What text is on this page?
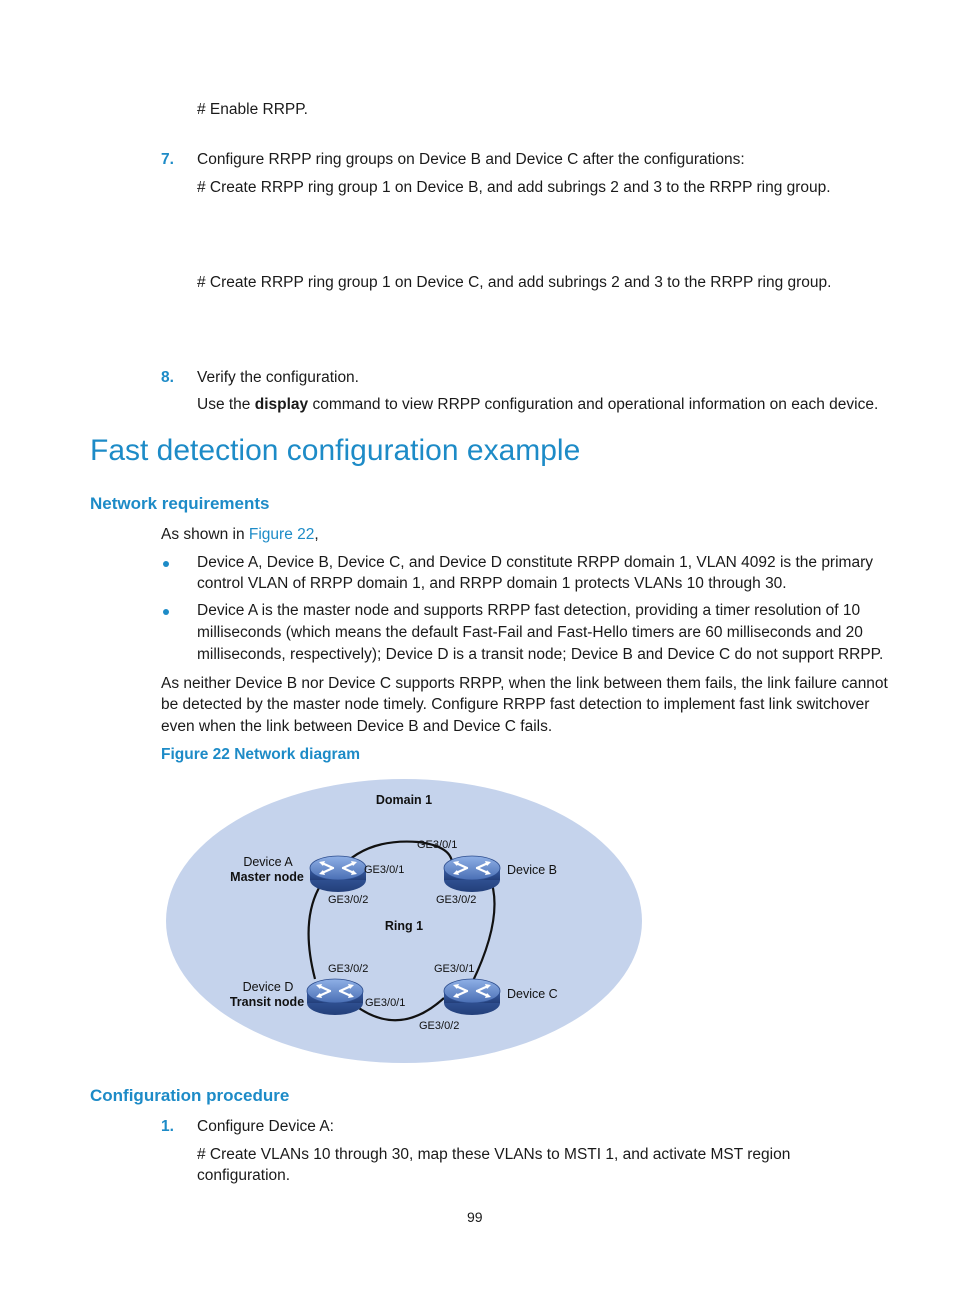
# Enable RRPP.
7. Configure RRPP ring groups on Device B and Device C after the configurations:
# Create RRPP ring group 1 on Device B, and add subrings 2 and 3 to the RRPP ring group.
# Create RRPP ring group 1 on Device C, and add subrings 2 and 3 to the RRPP ring group.
8. Verify the configuration.
Use the display command to view RRPP configuration and operational information on each device.
Fast detection configuration example
Network requirements
As shown in Figure 22,
Device A, Device B, Device C, and Device D constitute RRPP domain 1, VLAN 4092 is the primary
control VLAN of RRPP domain 1, and RRPP domain 1 protects VLANs 10 through 30.
Device A is the master node and supports RRPP fast detection, providing a timer resolution of 10
milliseconds (which means the default Fast-Fail and Fast-Hello timers are 60 milliseconds and 20
milliseconds, respectively); Device D is a transit node; Device B and Device C do not support RRPP.
As neither Device B nor Device C supports RRPP, when the link between them fails, the link failure cannot
be detected by the master node timely. Configure RRPP fast detection to implement fast link switchover
even when the link between Device B and Device C fails.
Figure 22 Network diagram
Domain 1
Ring 1
Device A
Master node	Device B
Device C
Device D
Transit node
GE3/0/1
GE3/0/2
GE3/0/1
GE3/0/2
GE3/0/1
GE3/0/2
GE3/0/2
GE3/0/1
Configuration procedure
1. Configure Device A:
# Create VLANs 10 through 30, map these VLANs to MSTI 1, and activate MST region
configuration.
99
